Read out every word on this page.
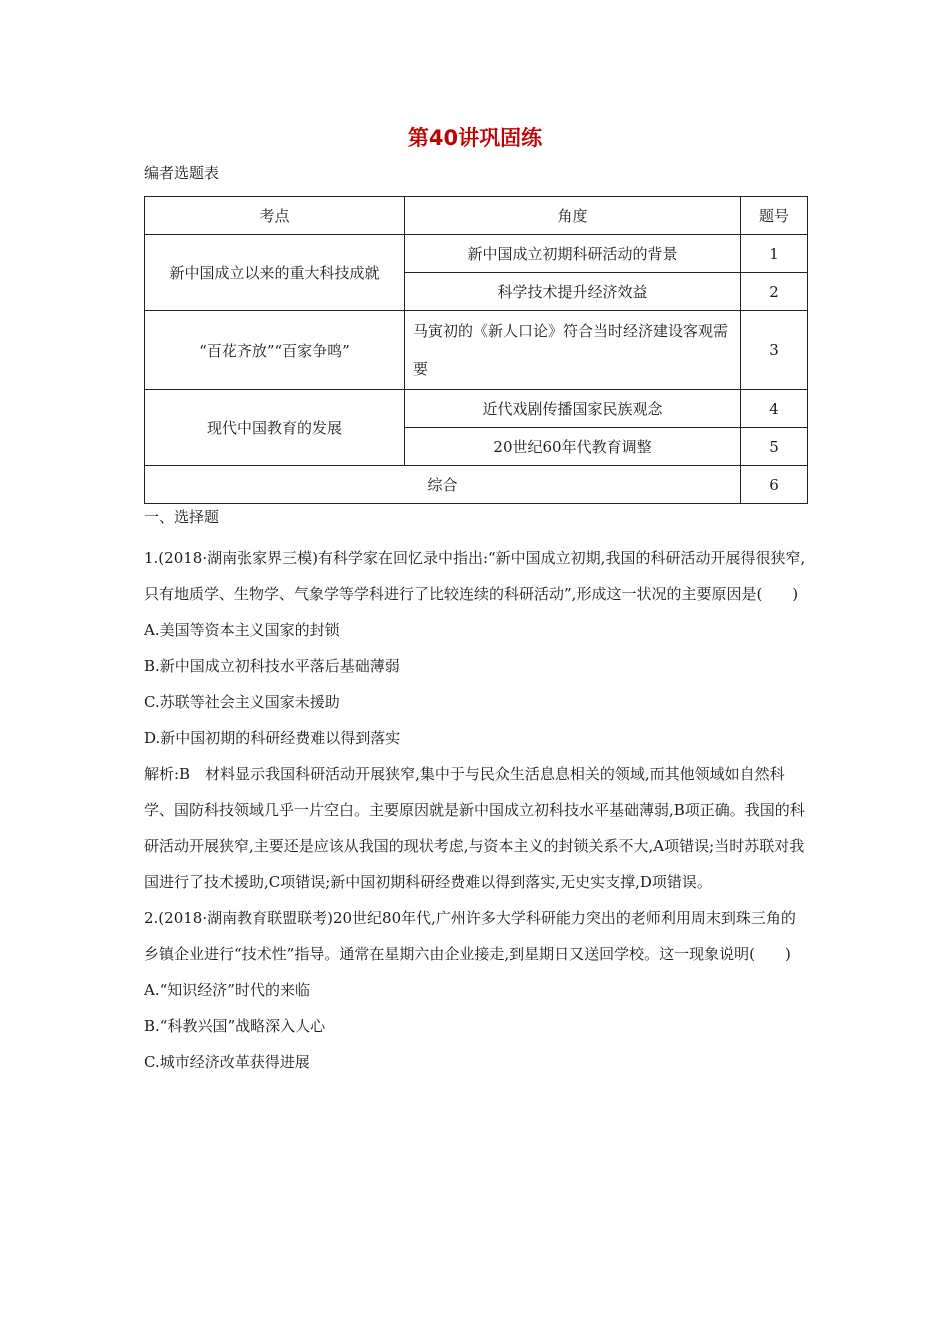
第40讲巩固练
编者选题表
考点	角度	题号
新中国成立以来的重大科技成就	新中国成立初期科研活动的背景	1
	科学技术提升经济效益	2
“百花齐放”“百家争鸣”	马寅初的《新人口论》符合当时经济建设客观需要	3
现代中国教育的发展	近代戏剧传播国家民族观念	4
	20世纪60年代教育调整	5
综合		6
一、选择题

1.(2018·湖南张家界三模)有科学家在回忆录中指出:“新中国成立初期,我国的科研活动开展得很狭窄,只有地质学、生物学、气象学等学科进行了比较连续的科研活动”,形成这一状况的主要原因是(　　)

A.美国等资本主义国家的封锁

B.新中国成立初科技水平落后基础薄弱

C.苏联等社会主义国家未援助

D.新中国初期的科研经费难以得到落实

解析:B　材料显示我国科研活动开展狭窄,集中于与民众生活息息相关的领域,而其他领域如自然科学、国防科技领域几乎一片空白。主要原因就是新中国成立初科技水平基础薄弱,B项正确。我国的科研活动开展狭窄,主要还是应该从我国的现状考虑,与资本主义的封锁关系不大,A项错误;当时苏联对我国进行了技术援助,C项错误;新中国初期科研经费难以得到落实,无史实支撑,D项错误。

2.(2018·湖南教育联盟联考)20世纪80年代,广州许多大学科研能力突出的老师利用周末到珠三角的乡镇企业进行“技术性”指导。通常在星期六由企业接走,到星期日又送回学校。这一现象说明(　　)

A.“知识经济”时代的来临

B.“科教兴国”战略深入人心

C.城市经济改革获得进展
